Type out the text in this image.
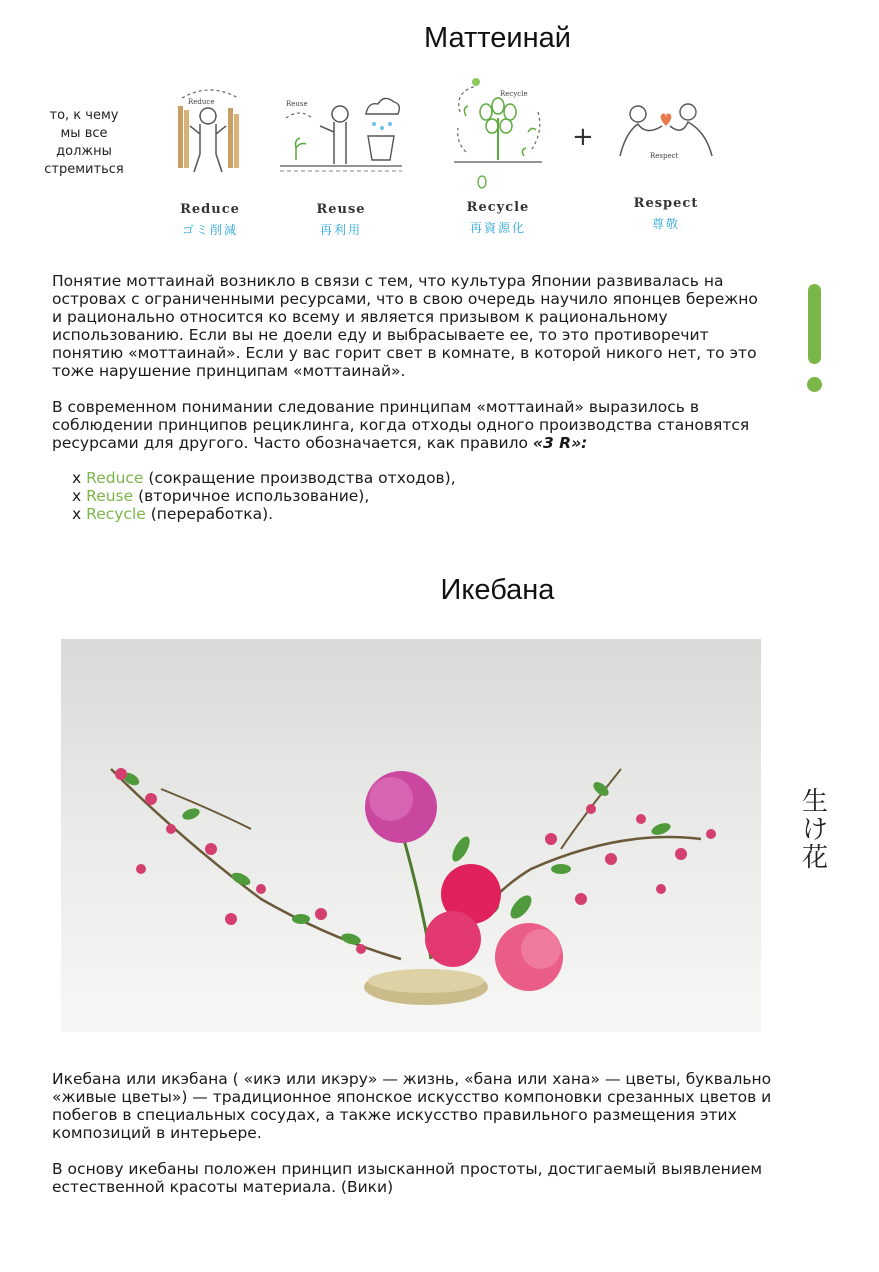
Маттеинай
то, к чему мы все должны стремиться
Reduce
Reduce
ゴミ削減
Reuse
Reuse
再利用
Recycle
Recycle
再資源化
+
Respect
Respect
尊敬
Понятие моттаинай возникло в связи с тем, что культура Японии развивалась на островах с ограниченными ресурсами, что в свою очередь научило японцев бережно и рационально относится ко всему и является призывом к рациональному использованию. Если вы не доели еду и выбрасываете ее, то это противоречит понятию «моттаинай». Если у вас горит свет в комнате, в которой никого нет, то это тоже нарушение принципам «моттаинай».
В современном понимании следование принципам «моттаинай» выразилось в соблюдении принципов рециклинга, когда отходы одного производства становятся ресурсами для другого. Часто обозначается, как правило «3 R»:
х Reduce (сокращение производства отходов),
х Reuse (вторичное использование),
х Recycle (переработка).
Икебана
生
け
花
Икебана или икэбана ( «икэ или икэру» — жизнь, «бана или хана» — цветы, буквально «живые цветы») — традиционное японское искусство компоновки срезанных цветов и побегов в специальных сосудах, а также искусство правильного размещения этих композиций в интерьере.
В основу икебаны положен принцип изысканной простоты, достигаемый выявлением естественной красоты материала. (Вики)
